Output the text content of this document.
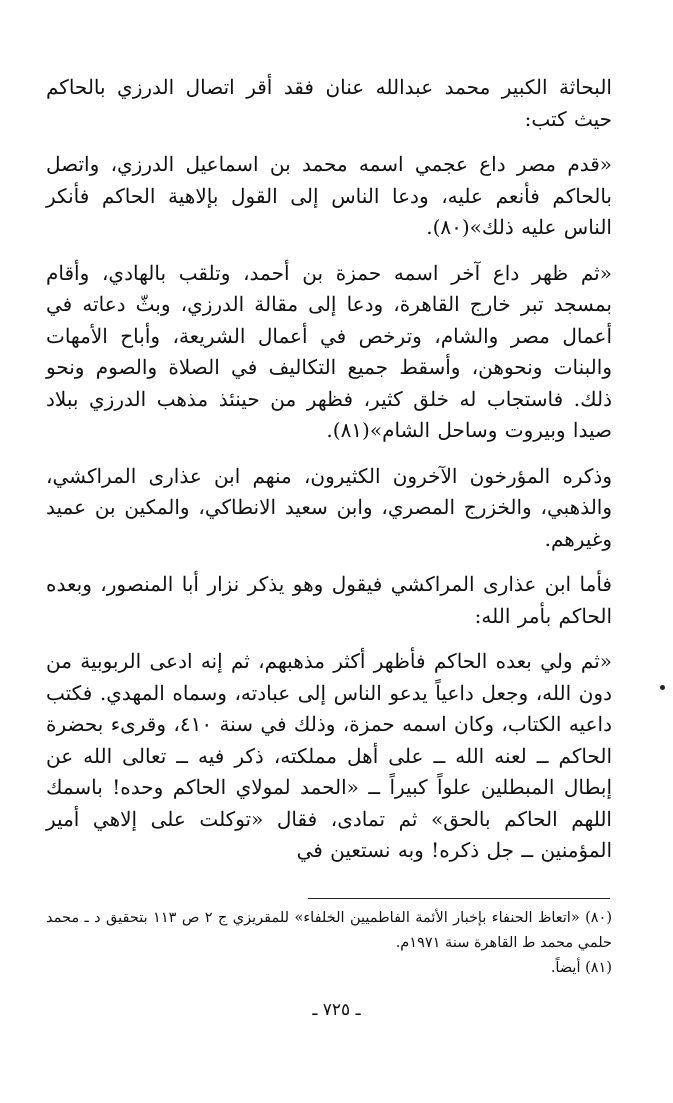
البحاثة الكبير محمد عبدالله عنان فقد أقر اتصال الدرزي بالحاكم حيث كتب:

«قدم مصر داع عجمي اسمه محمد بن اسماعيل الدرزي، واتصل بالحاكم فأنعم عليه، ودعا الناس إلى القول بإلاهية الحاكم فأنكر الناس عليه ذلك»(٨٠).

«ثم ظهر داع آخر اسمه حمزة بن أحمد، وتلقب بالهادي، وأقام بمسجد تبر خارج القاهرة، ودعا إلى مقالة الدرزي، وبثّ دعاته في أعمال مصر والشام، وترخص في أعمال الشريعة، وأباح الأمهات والبنات ونحوهن، وأسقط جميع التكاليف في الصلاة والصوم ونحو ذلك. فاستجاب له خلق كثير، فظهر من حينئذ مذهب الدرزي ببلاد صيدا وبيروت وساحل الشام»(٨١).

وذكره المؤرخون الآخرون الكثيرون، منهم ابن عذارى المراكشي، والذهبي، والخزرج المصري، وابن سعيد الانطاكي، والمكين بن عميد وغيرهم.

فأما ابن عذارى المراكشي فيقول وهو يذكر نزار أبا المنصور، وبعده الحاكم بأمر الله:

«ثم ولي بعده الحاكم فأظهر أكثر مذهبهم، ثم إنه ادعى الربوبية من دون الله، وجعل داعياً يدعو الناس إلى عبادته، وسماه المهدي. فكتب داعيه الكتاب، وكان اسمه حمزة، وذلك في سنة ٤١٠، وقرىء بحضرة الحاكم ــ لعنه الله ــ على أهل مملكته، ذكر فيه ــ تعالى الله عن إبطال المبطلين علواً كبيراً ــ «الحمد لمولاي الحاكم وحده! باسمك اللهم الحاكم بالحق» ثم تمادى، فقال «توكلت على إلاهي أمير المؤمنين ــ جل ذكره! وبه نستعين في

(٨٠) «اتعاظ الحنفاء بإخبار الأئمة الفاطميين الخلفاء» للمقريزي ج ٢ ص ١١٣ بتحقيق د ـ محمد حلمي محمد ط القاهرة سنة ١٩٧١م.

(٨١) أيضاً.

ـ ٧٢٥ ـ
